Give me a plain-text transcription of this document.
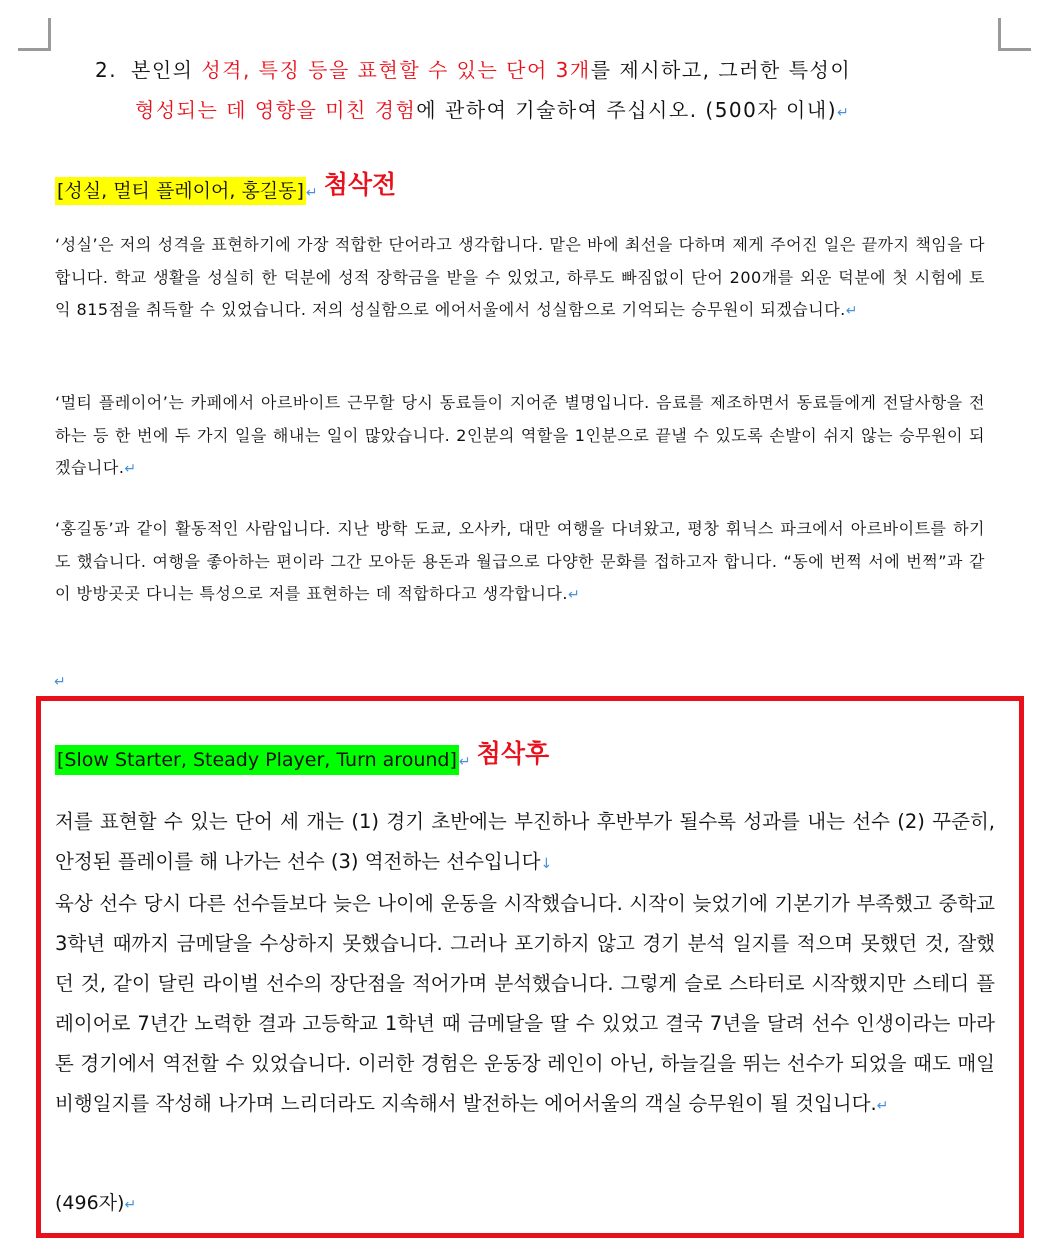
2. 본인의 성격, 특징 등을 표현할 수 있는 단어 3개를 제시하고, 그러한 특성이
형성되는 데 영향을 미친 경험에 관하여 기술하여 주십시오. (500자 이내)↵
[성실, 멀티 플레이어, 홍길동] ↵ 첨삭전

‘성실’은 저의 성격을 표현하기에 가장 적합한 단어라고 생각합니다. 맡은 바에 최선을 다하며 제게 주어진 일은 끝까지 책임을 다합니다. 학교 생활을 성실히 한 덕분에 성적 장학금을 받을 수 있었고, 하루도 빠짐없이 단어 200개를 외운 덕분에 첫 시험에 토익 815점을 취득할 수 있었습니다. 저의 성실함으로 에어서울에서 성실함으로 기억되는 승무원이 되겠습니다.↵

‘멀티 플레이어’는 카페에서 아르바이트 근무할 당시 동료들이 지어준 별명입니다. 음료를 제조하면서 동료들에게 전달사항을 전하는 등 한 번에 두 가지 일을 해내는 일이 많았습니다. 2인분의 역할을 1인분으로 끝낼 수 있도록 손발이 쉬지 않는 승무원이 되겠습니다.↵

‘홍길동’과 같이 활동적인 사람입니다. 지난 방학 도쿄, 오사카, 대만 여행을 다녀왔고, 평창 휘닉스 파크에서 아르바이트를 하기도 했습니다. 여행을 좋아하는 편이라 그간 모아둔 용돈과 월급으로 다양한 문화를 접하고자 합니다. “동에 번쩍 서에 번쩍”과 같이 방방곳곳 다니는 특성으로 저를 표현하는 데 적합하다고 생각합니다.↵

↵
[Slow Starter, Steady Player, Turn around] ↵ 첨삭후

저를 표현할 수 있는 단어 세 개는 (1) 경기 초반에는 부진하나 후반부가 될수록 성과를 내는 선수 (2) 꾸준히, 안정된 플레이를 해 나가는 선수 (3) 역전하는 선수입니다↓

육상 선수 당시 다른 선수들보다 늦은 나이에 운동을 시작했습니다. 시작이 늦었기에 기본기가 부족했고 중학교 3학년 때까지 금메달을 수상하지 못했습니다. 그러나 포기하지 않고 경기 분석 일지를 적으며 못했던 것, 잘했던 것, 같이 달린 라이벌 선수의 장단점을 적어가며 분석했습니다. 그렇게 슬로 스타터로 시작했지만 스테디 플레이어로 7년간 노력한 결과 고등학교 1학년 때 금메달을 딸 수 있었고 결국 7년을 달려 선수 인생이라는 마라톤 경기에서 역전할 수 있었습니다. 이러한 경험은 운동장 레인이 아닌, 하늘길을 뛰는 선수가 되었을 때도 매일 비행일지를 작성해 나가며 느리더라도 지속해서 발전하는 에어서울의 객실 승무원이 될 것입니다.↵

(496자)↵
